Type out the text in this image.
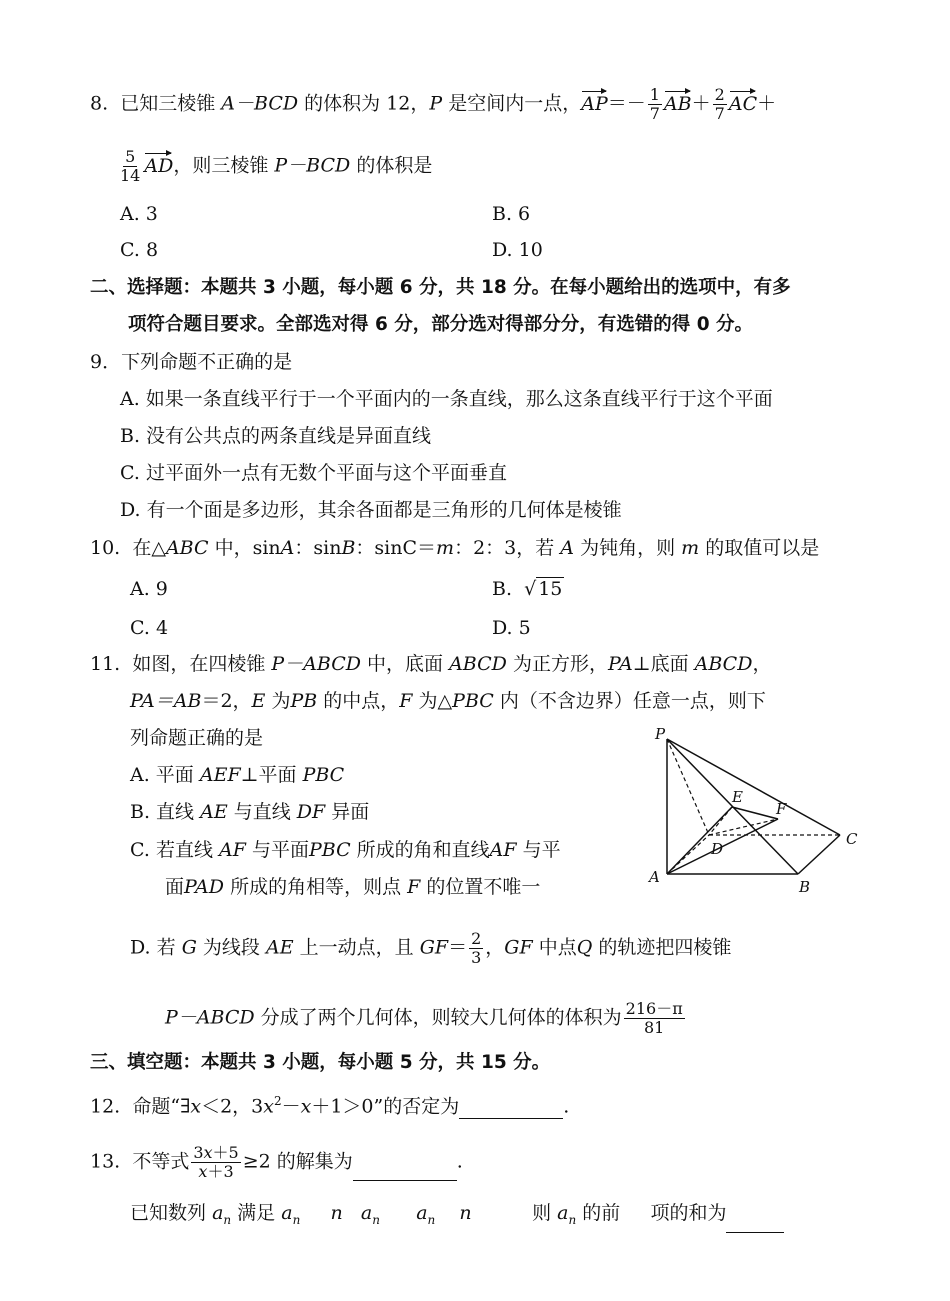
8. 已知三棱锥 A－BCD 的体积为 12，P 是空间内一点，$AP=- \frac{1}{7} AB+ \frac{2}{7} AC+$
$\frac{5}{14}$ AD，则三棱锥 P－BCD 的体积是
A. 3	B. 6
C. 8	D. 10
二、选择题：本题共 3 小题，每小题 6 分，共 18 分。在每小题给出的选项中，有多
项符合题目要求。全部选对得 6 分，部分选对得部分分，有选错的得 0 分。
9．下列命题不正确的是
A. 如果一条直线平行于一个平面内的一条直线，那么这条直线平行于这个平面
B. 没有公共点的两条直线是异面直线
C. 过平面外一点有无数个平面与这个平面垂直
D. 有一个面是多边形，其余各面都是三角形的几何体是棱锥
10. 在△ABC 中，sinA：sinB：sinC＝m：2：3，若 A 为钝角，则 m 的取值可以是
A. 9	B. √ 15
C. 4	D. 5
11. 如图，在四棱锥 P－ABCD 中，底面 ABCD 为正方形，PA⊥底面 ABCD，
PA＝AB＝2，E 为PB 的中点，F 为△PBC 内（不含边界）任意一点，则下
列命题正确的是
A. 平面 AEF⊥平面 PBC
B. 直线 AE 与直线 DF 异面
C. 若直线 AF 与平面PBC 所成的角和直线AF 与平
面PAD 所成的角相等，则点 F 的位置不唯一
P
E
F
D
C
A
B
D. 若 G 为线段 AE 上一动点，且 $GF= \frac{2}{3}$ ，GF 中点Q 的轨迹把四棱锥
P－ABCD 分成了两个几何体，则较大几何体的体积为 $\frac{216-\pi}{81}$
三、填空题：本题共 3 小题，每小题 5 分，共 15 分。
12. 命题“∃x＜2，$3x^2-x+1>0$”的否定为	.
13. 不等式 $\frac{3x+5}{x+3} \ge 2$ 的解集为	.
已知数列 $a_n$ 满足 $a_n$ n $a_n$ $a_n$ n	则 $a_n$ 的前 项的和为
